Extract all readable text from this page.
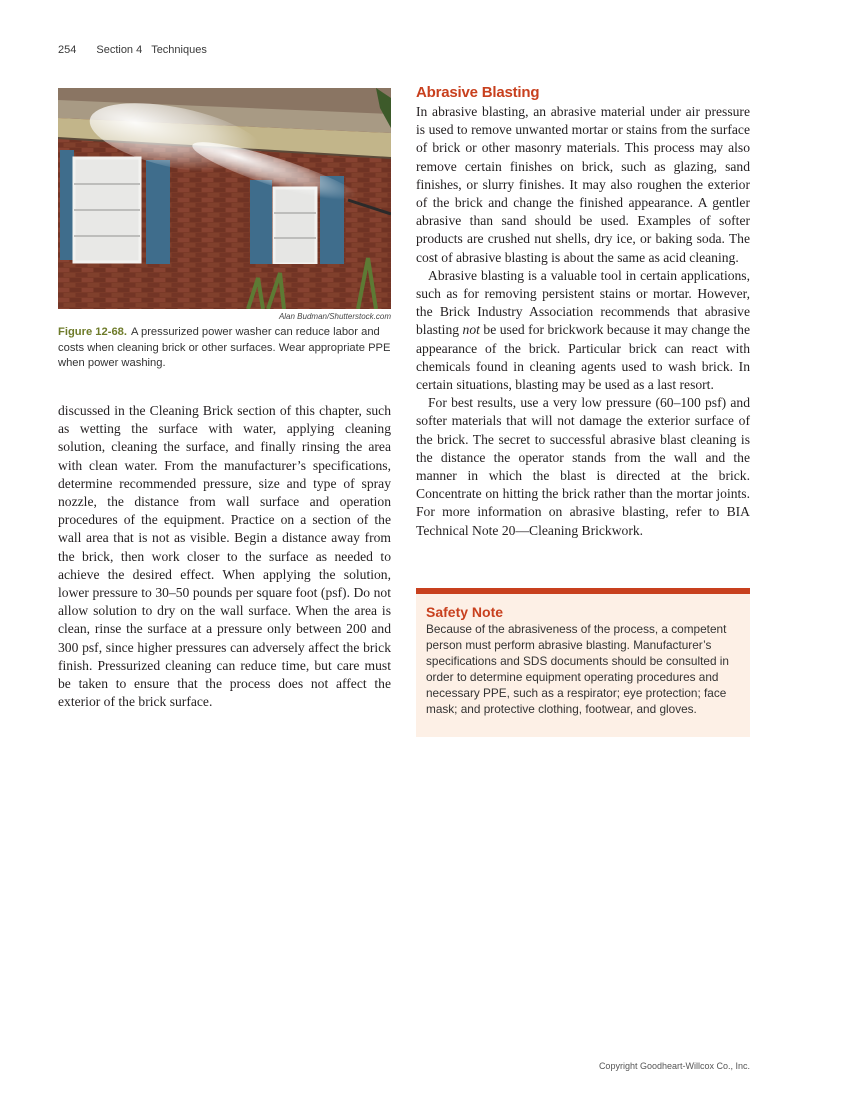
254 Section 4   Techniques
Alan Budman/Shutterstock.com
Figure 12-68. A pressurized power washer can reduce labor and costs when cleaning brick or other surfaces. Wear appropriate PPE when power washing.

discussed in the Cleaning Brick section of this chapter, such as wetting the surface with water, applying cleaning solution, cleaning the surface, and finally rinsing the area with clean water. From the manufacturer’s specifications, determine recommended pressure, size and type of spray nozzle, the distance from wall surface and operation procedures of the equipment. Practice on a section of the wall area that is not as visible. Begin a distance away from the brick, then work closer to the surface as needed to achieve the desired effect. When applying the solution, lower pressure to 30–50 pounds per square foot (psf). Do not allow solution to dry on the wall surface. When the area is clean, rinse the surface at a pressure only between 200 and 300 psf, since higher pressures can adversely affect the brick finish. Pressurized cleaning can reduce time, but care must be taken to ensure that the process does not affect the exterior of the brick surface.

Abrasive Blasting

In abrasive blasting, an abrasive material under air pressure is used to remove unwanted mortar or stains from the surface of brick or other masonry materials. This process may also remove certain finishes on brick, such as glazing, sand finishes, or slurry finishes. It may also roughen the exterior of the brick and change the finished appearance. A gentler abrasive than sand should be used. Examples of softer products are crushed nut shells, dry ice, or baking soda. The cost of abrasive blasting is about the same as acid cleaning.

Abrasive blasting is a valuable tool in certain applications, such as for removing persistent stains or mortar. However, the Brick Industry Association recommends that abrasive blasting not be used for brickwork because it may change the appearance of the brick. Particular brick can react with chemicals found in cleaning agents used to wash brick. In certain situations, blasting may be used as a last resort.

For best results, use a very low pressure (60–100 psf) and softer materials that will not damage the exterior surface of the brick. The secret to successful abrasive blast cleaning is the distance the operator stands from the wall and the manner in which the blast is directed at the brick. Concentrate on hitting the brick rather than the mortar joints. For more information on abrasive blasting, refer to BIA Technical Note 20—Cleaning Brickwork.

Safety Note

Because of the abrasiveness of the process, a competent person must perform abrasive blasting. Manufacturer’s specifications and SDS documents should be consulted in order to determine equipment operating procedures and necessary PPE, such as a respirator; eye protection; face mask; and protective clothing, footwear, and gloves.

Copyright Goodheart-Willcox Co., Inc.
